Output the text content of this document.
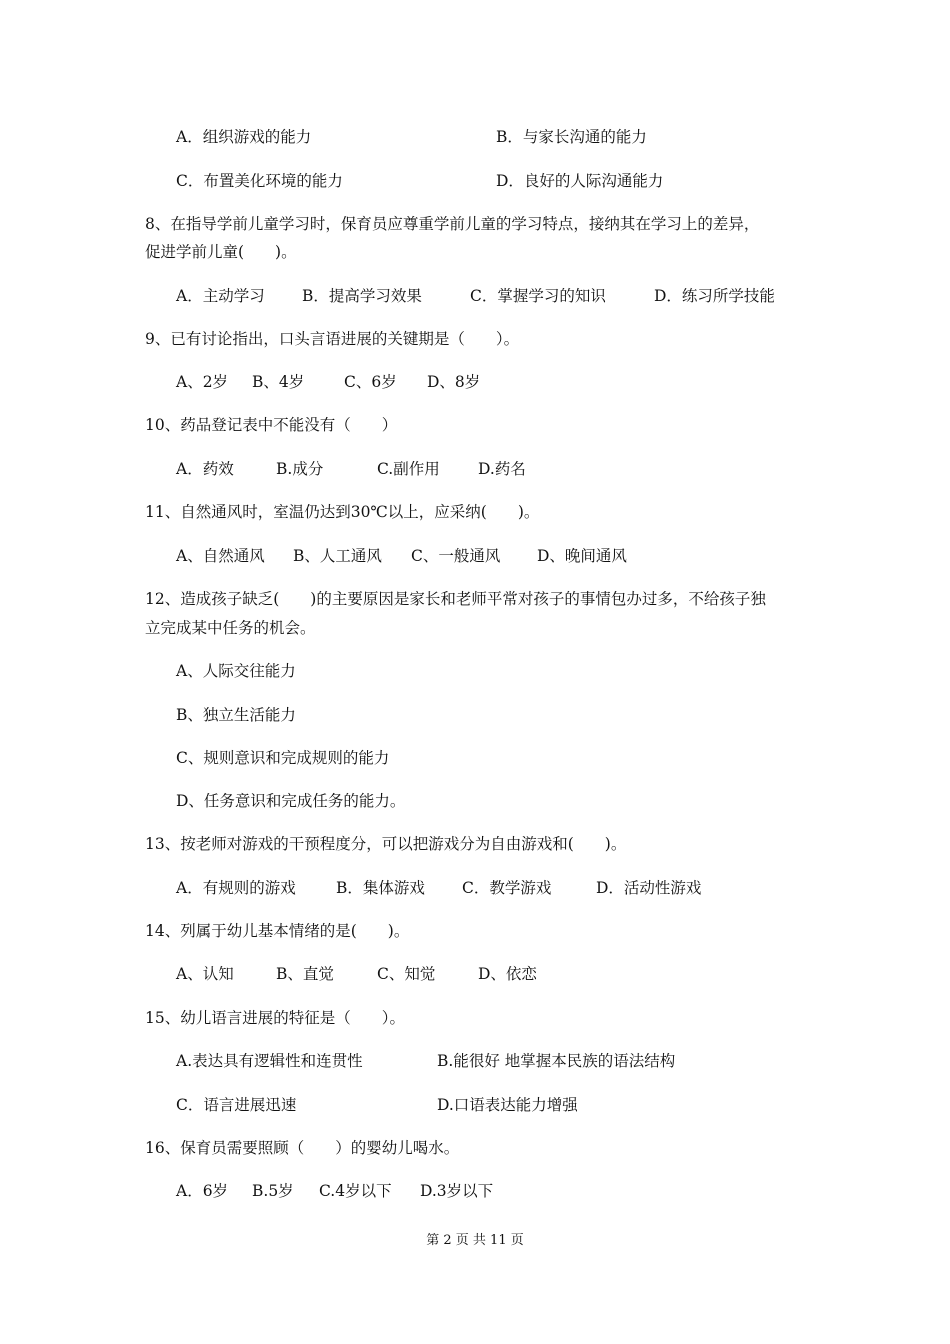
A．组织游戏的能力	B．与家长沟通的能力
C．布置美化环境的能力	D．良好的人际沟通能力
8、在指导学前儿童学习时，保育员应尊重学前儿童的学习特点，接纳其在学习上的差异，
促进学前儿童(　　)。
A．主动学习 B．提高学习效果	C．掌握学习的知识	D．练习所学技能
9、已有讨论指出，口头言语进展的关键期是（　　）。
A、2岁 B、4岁	C、6岁 D、8岁
10、药品登记表中不能没有（　　）
A．药效	B.成分	C.副作用 D.药名
11、自然通风时，室温仍达到30℃以上，应采纳(　　)。
A、自然通风 B、人工通风 C、一般通风 D、晚间通风
12、造成孩子缺乏(　　)的主要原因是家长和老师平常对孩子的事情包办过多，不给孩子独
立完成某中任务的机会。
A、人际交往能力
B、独立生活能力
C、规则意识和完成规则的能力
D、任务意识和完成任务的能力。
13、按老师对游戏的干预程度分，可以把游戏分为自由游戏和(　　)。
A．有规则的游戏	B．集体游戏 C．教学游戏	D．活动性游戏
14、列属于幼儿基本情绪的是(　　)。
A、认知	B、直觉	C、知觉	D、依恋
15、幼儿语言进展的特征是（　　）。
A.表达具有逻辑性和连贯性	B.能很好 地掌握本民族的语法结构
C．语言进展迅速	D.口语表达能力增强
16、保育员需要照顾（　　）的婴幼儿喝水。
A．6岁 B.5岁 C.4岁以下 D.3岁以下
第 2 页 共 11 页
